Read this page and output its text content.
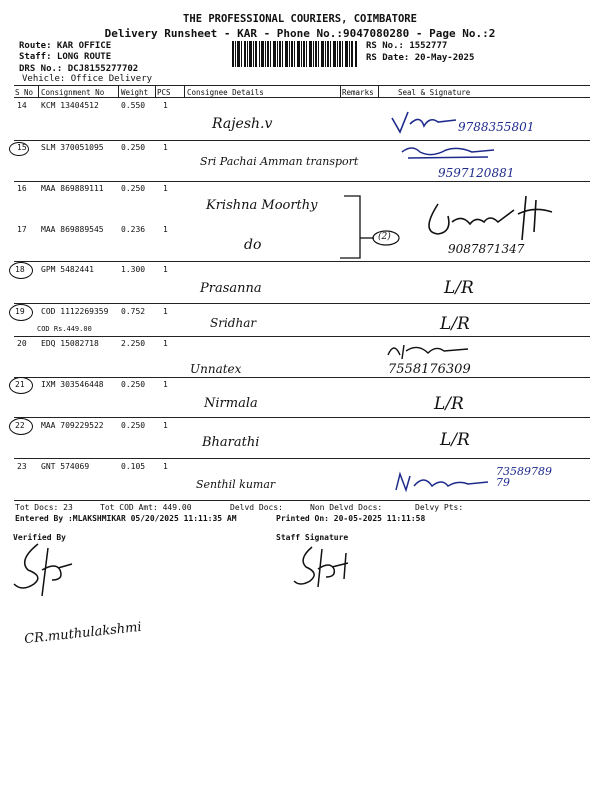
THE PROFESSIONAL COURIERS, COIMBATORE
Delivery Runsheet - KAR - Phone No.:9047080280 - Page No.:2
Route: KAR OFFICE
Staff: LONG ROUTE
DRS No.: DCJ8155277702
Vehicle: Office Delivery
RS No.: 1552777
RS Date: 20-May-2025
S No Consignment No Weight PCS Consignee Details	Remarks	Seal & Signature
14 KCM 13404512	0.550 1
Rajesh.v	9788355801
15 SLM 370051095 0.250 1
Sri Pachai Amman transport
9597120881
16 MAA 869889111 0.250 1
Krishna Moorthy
17 MAA 869889545 0.236 1
do	(2)
9087871347
18 GPM 5482441	1.300 1
Prasanna	L/R
19 COD 1112269359 0.752 1
COD Rs.449.00	Sridhar	L/R
20 EDQ 15082718	2.250 1
Unnatex	7558176309
21 IXM 303546448 0.250 1
Nirmala	L/R
22 MAA 709229522 0.250 1
Bharathi	L/R
23 GNT 574069	0.105 1
Senthil kumar
7358978979
Tot Docs: 23	Tot COD Amt: 449.00	Delvd Docs:	Non Delvd Docs:	Delvy Pts:
Entered By :MLAKSHMIKAR 05/20/2025 11:11:35 AM	Printed On: 20-05-2025 11:11:58
Verified By	Staff Signature
CR.muthulakshmi
